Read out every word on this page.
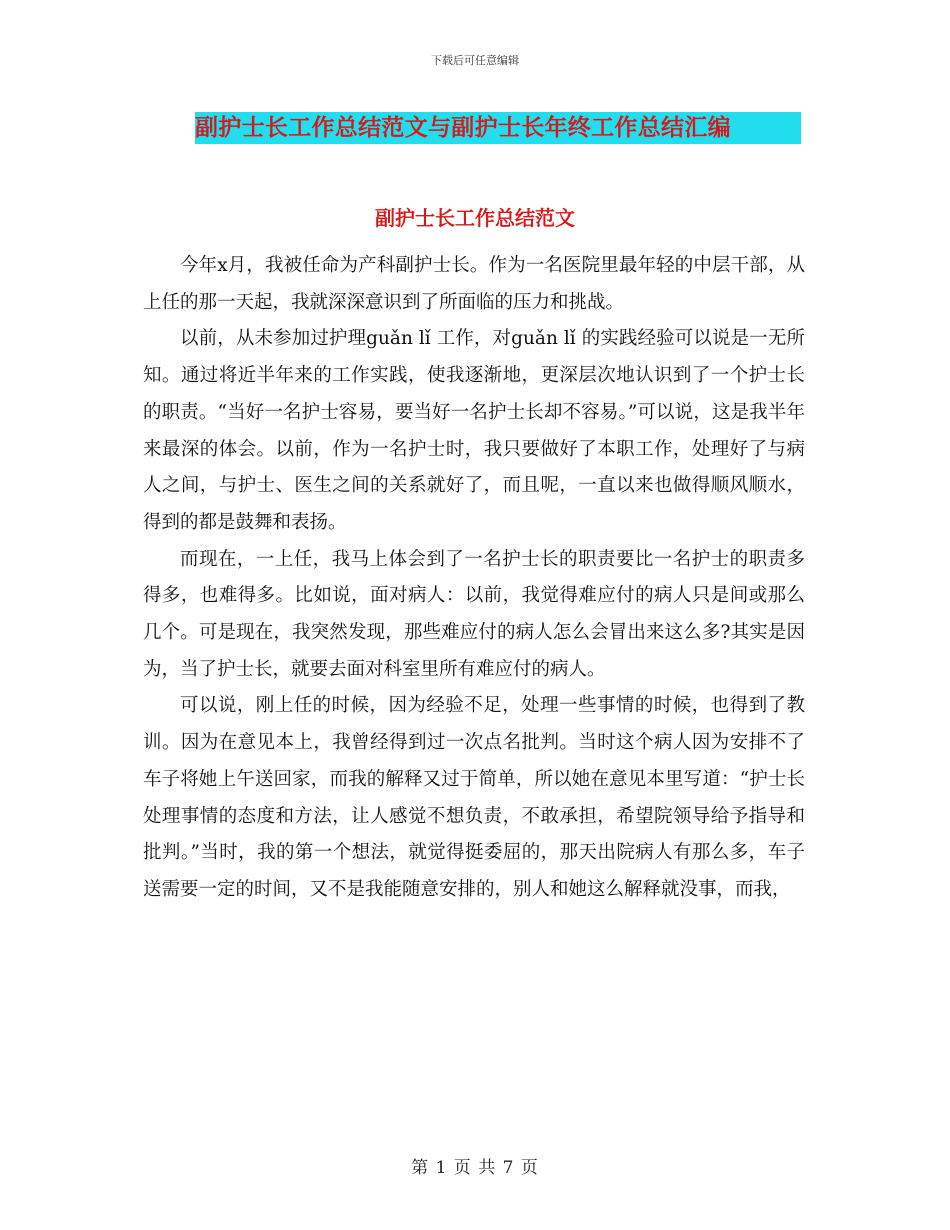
下载后可任意编辑
副护士长工作总结范文与副护士长年终工作总结汇编
副护士长工作总结范文

今年x月，我被任命为产科副护士长。作为一名医院里最年轻的中层干部，从上任的那一天起，我就深深意识到了所面临的压力和挑战。

以前，从未参加过护理guǎn lǐ 工作，对guǎn lǐ 的实践经验可以说是一无所知。通过将近半年来的工作实践，使我逐渐地，更深层次地认识到了一个护士长的职责。“当好一名护士容易，要当好一名护士长却不容易。”可以说，这是我半年来最深的体会。以前，作为一名护士时，我只要做好了本职工作，处理好了与病人之间，与护士、医生之间的关系就好了，而且呢，一直以来也做得顺风顺水，得到的都是鼓舞和表扬。

而现在，一上任，我马上体会到了一名护士长的职责要比一名护士的职责多得多，也难得多。比如说，面对病人：以前，我觉得难应付的病人只是间或那么几个。可是现在，我突然发现，那些难应付的病人怎么会冒出来这么多?其实是因为，当了护士长，就要去面对科室里所有难应付的病人。

可以说，刚上任的时候，因为经验不足，处理一些事情的时候，也得到了教训。因为在意见本上，我曾经得到过一次点名批判。当时这个病人因为安排不了车子将她上午送回家，而我的解释又过于简单，所以她在意见本里写道：“护士长处理事情的态度和方法，让人感觉不想负责，不敢承担，希望院领导给予指导和批判。”当时，我的第一个想法，就觉得挺委屈的，那天出院病人有那么多，车子送需要一定的时间，又不是我能随意安排的，别人和她这么解释就没事，而我，

第 1 页 共 7 页
